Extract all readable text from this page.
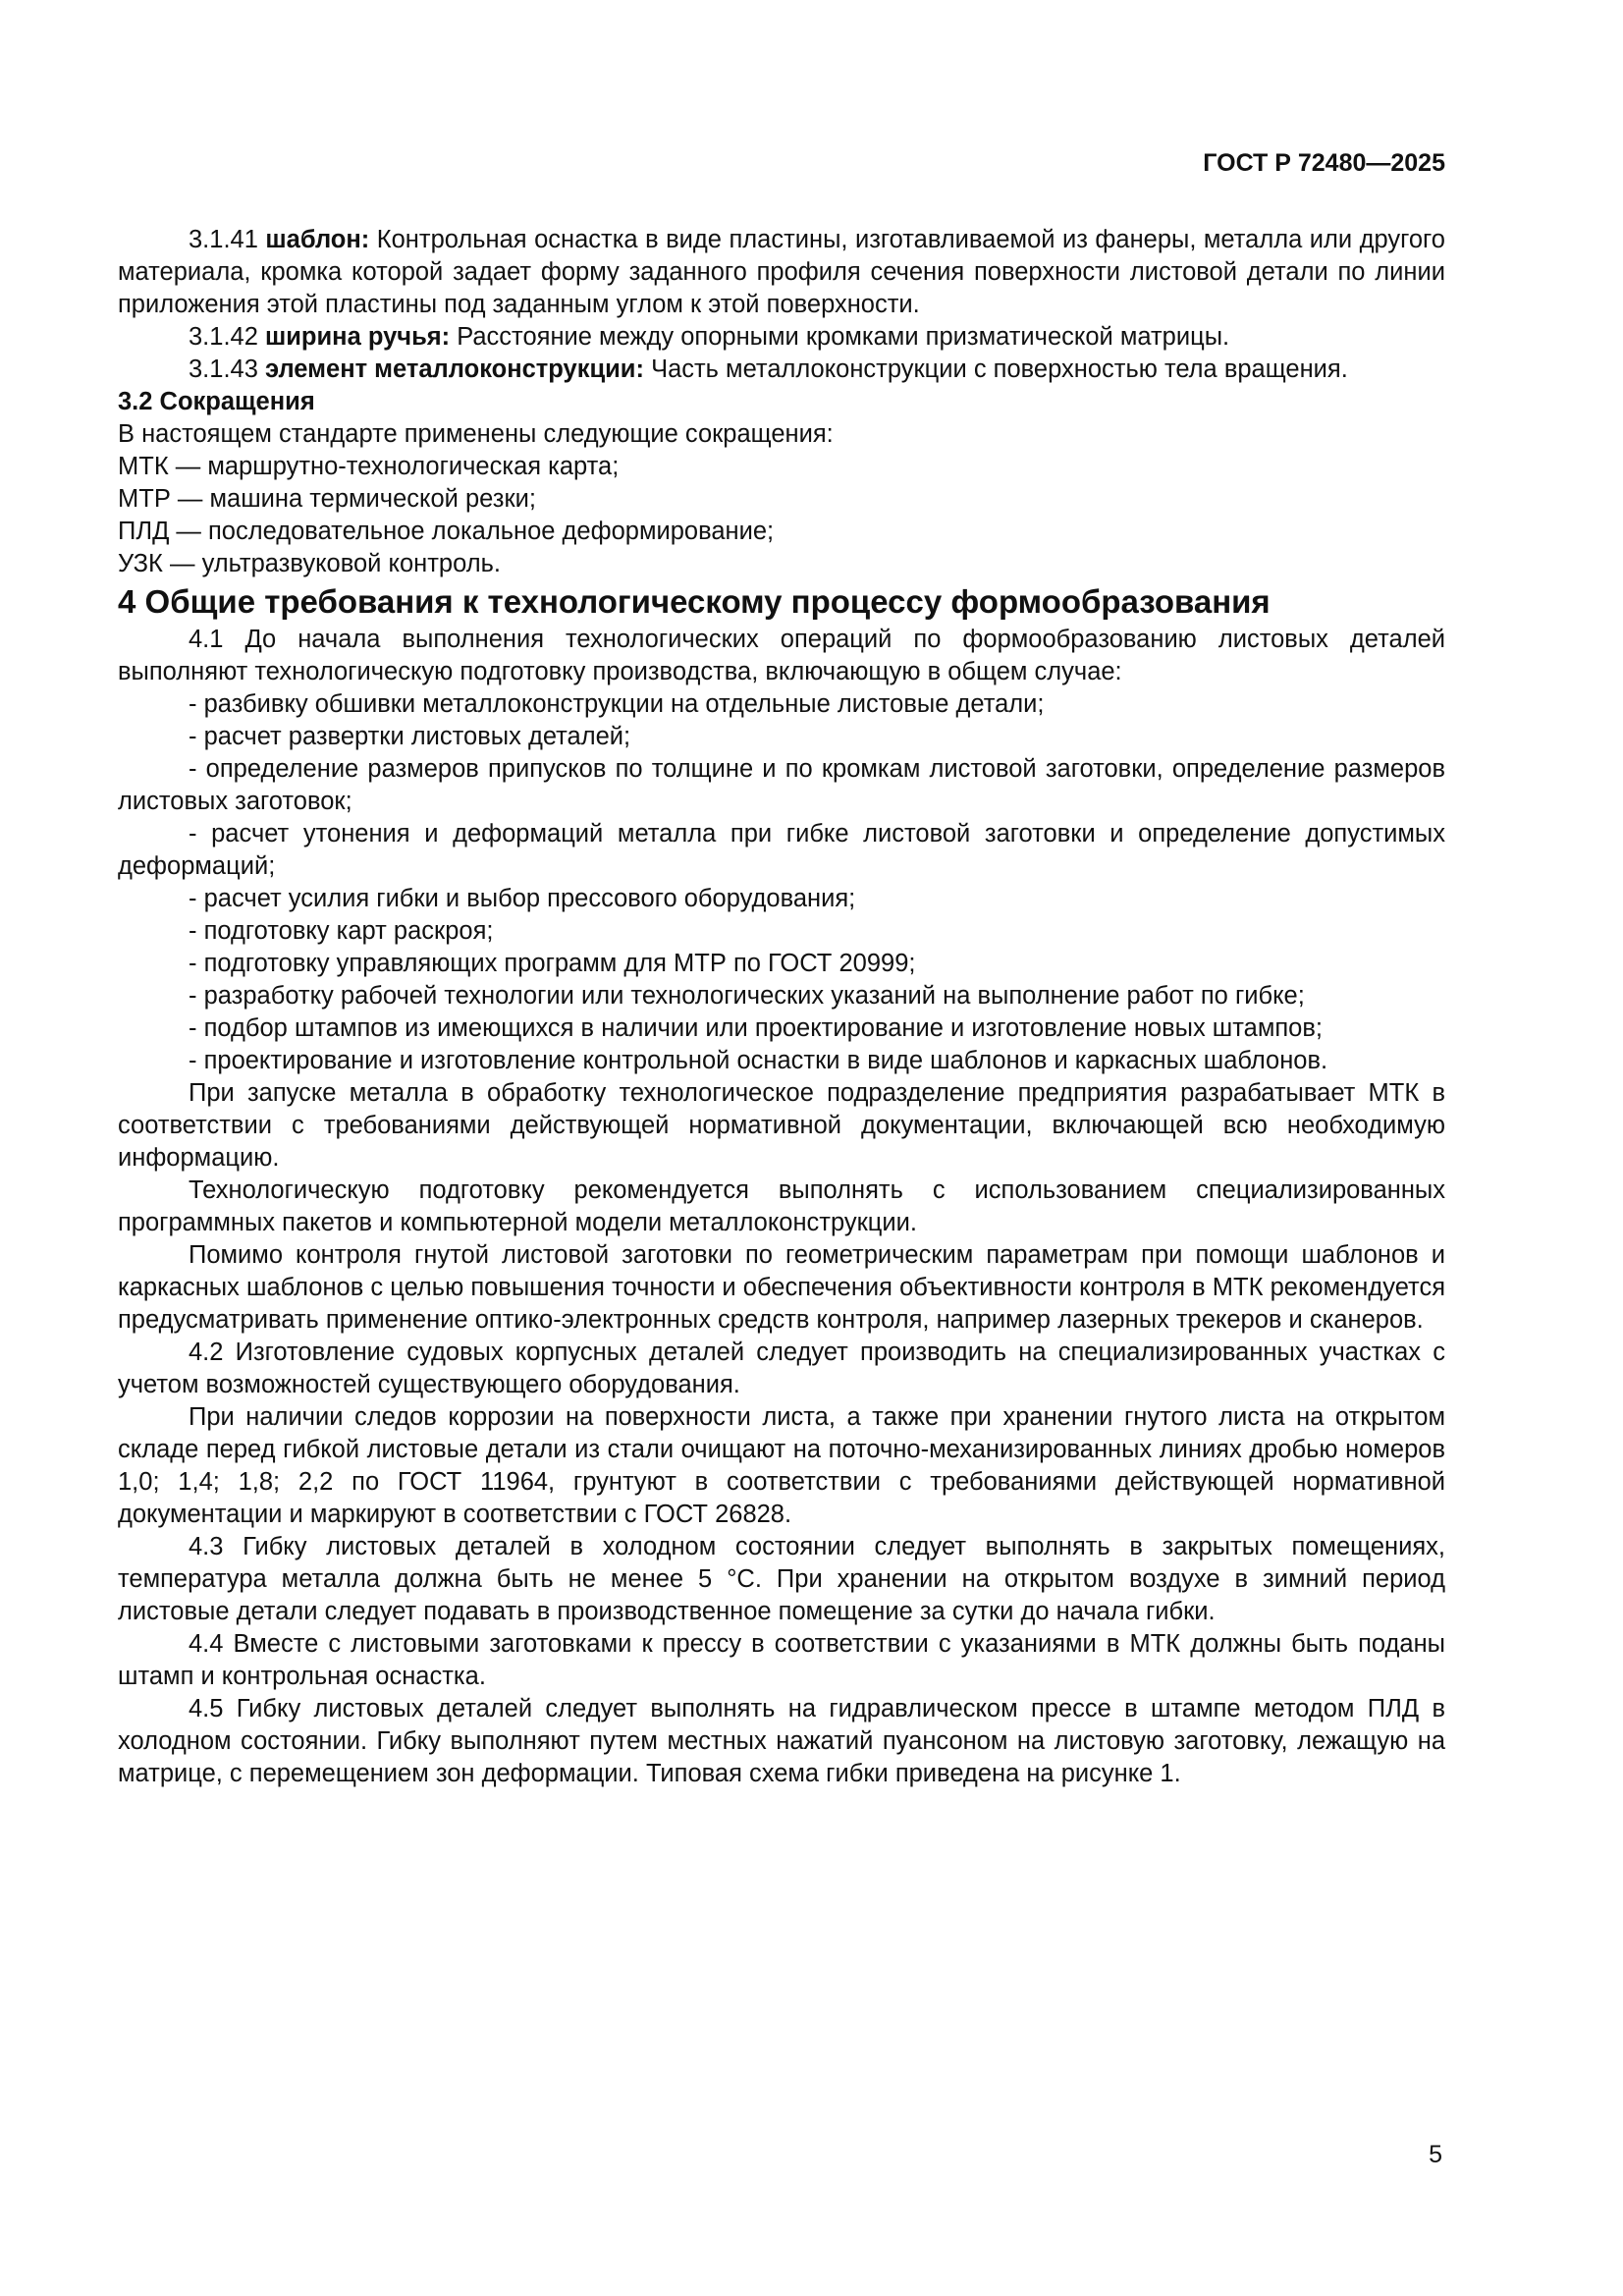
ГОСТ Р 72480—2025

3.1.41 шаблон: Контрольная оснастка в виде пластины, изготавливаемой из фанеры, металла или другого материала, кромка которой задает форму заданного профиля сечения поверхности листовой детали по линии приложения этой пластины под заданным углом к этой поверхности.

3.1.42 ширина ручья: Расстояние между опорными кромками призматической матрицы.

3.1.43 элемент металлоконструкции: Часть металлоконструкции с поверхностью тела вращения.

3.2 Сокращения

В настоящем стандарте применены следующие сокращения:

МТК — маршрутно-технологическая карта;

МТР — машина термической резки;

ПЛД — последовательное локальное деформирование;

УЗК — ультразвуковой контроль.

4 Общие требования к технологическому процессу формообразования

4.1 До начала выполнения технологических операций по формообразованию листовых деталей выполняют технологическую подготовку производства, включающую в общем случае:

- разбивку обшивки металлоконструкции на отдельные листовые детали;

- расчет развертки листовых деталей;

- определение размеров припусков по толщине и по кромкам листовой заготовки, определение размеров листовых заготовок;

- расчет утонения и деформаций металла при гибке листовой заготовки и определение допустимых деформаций;

- расчет усилия гибки и выбор прессового оборудования;

- подготовку карт раскроя;

- подготовку управляющих программ для МТР по ГОСТ 20999;

- разработку рабочей технологии или технологических указаний на выполнение работ по гибке;

- подбор штампов из имеющихся в наличии или проектирование и изготовление новых штампов;

- проектирование и изготовление контрольной оснастки в виде шаблонов и каркасных шаблонов.

При запуске металла в обработку технологическое подразделение предприятия разрабатывает МТК в соответствии с требованиями действующей нормативной документации, включающей всю необходимую информацию.

Технологическую подготовку рекомендуется выполнять с использованием специализированных программных пакетов и компьютерной модели металлоконструкции.

Помимо контроля гнутой листовой заготовки по геометрическим параметрам при помощи шаблонов и каркасных шаблонов с целью повышения точности и обеспечения объективности контроля в МТК рекомендуется предусматривать применение оптико-электронных средств контроля, например лазерных трекеров и сканеров.

4.2 Изготовление судовых корпусных деталей следует производить на специализированных участках с учетом возможностей существующего оборудования.

При наличии следов коррозии на поверхности листа, а также при хранении гнутого листа на открытом складе перед гибкой листовые детали из стали очищают на поточно-механизированных линиях дробью номеров 1,0; 1,4; 1,8; 2,2 по ГОСТ 11964, грунтуют в соответствии с требованиями действующей нормативной документации и маркируют в соответствии с ГОСТ 26828.

4.3 Гибку листовых деталей в холодном состоянии следует выполнять в закрытых помещениях, температура металла должна быть не менее 5 °С. При хранении на открытом воздухе в зимний период листовые детали следует подавать в производственное помещение за сутки до начала гибки.

4.4 Вместе с листовыми заготовками к прессу в соответствии с указаниями в МТК должны быть поданы штамп и контрольная оснастка.

4.5 Гибку листовых деталей следует выполнять на гидравлическом прессе в штампе методом ПЛД в холодном состоянии. Гибку выполняют путем местных нажатий пуансоном на листовую заготовку, лежащую на матрице, с перемещением зон деформации. Типовая схема гибки приведена на рисунке 1.

5
